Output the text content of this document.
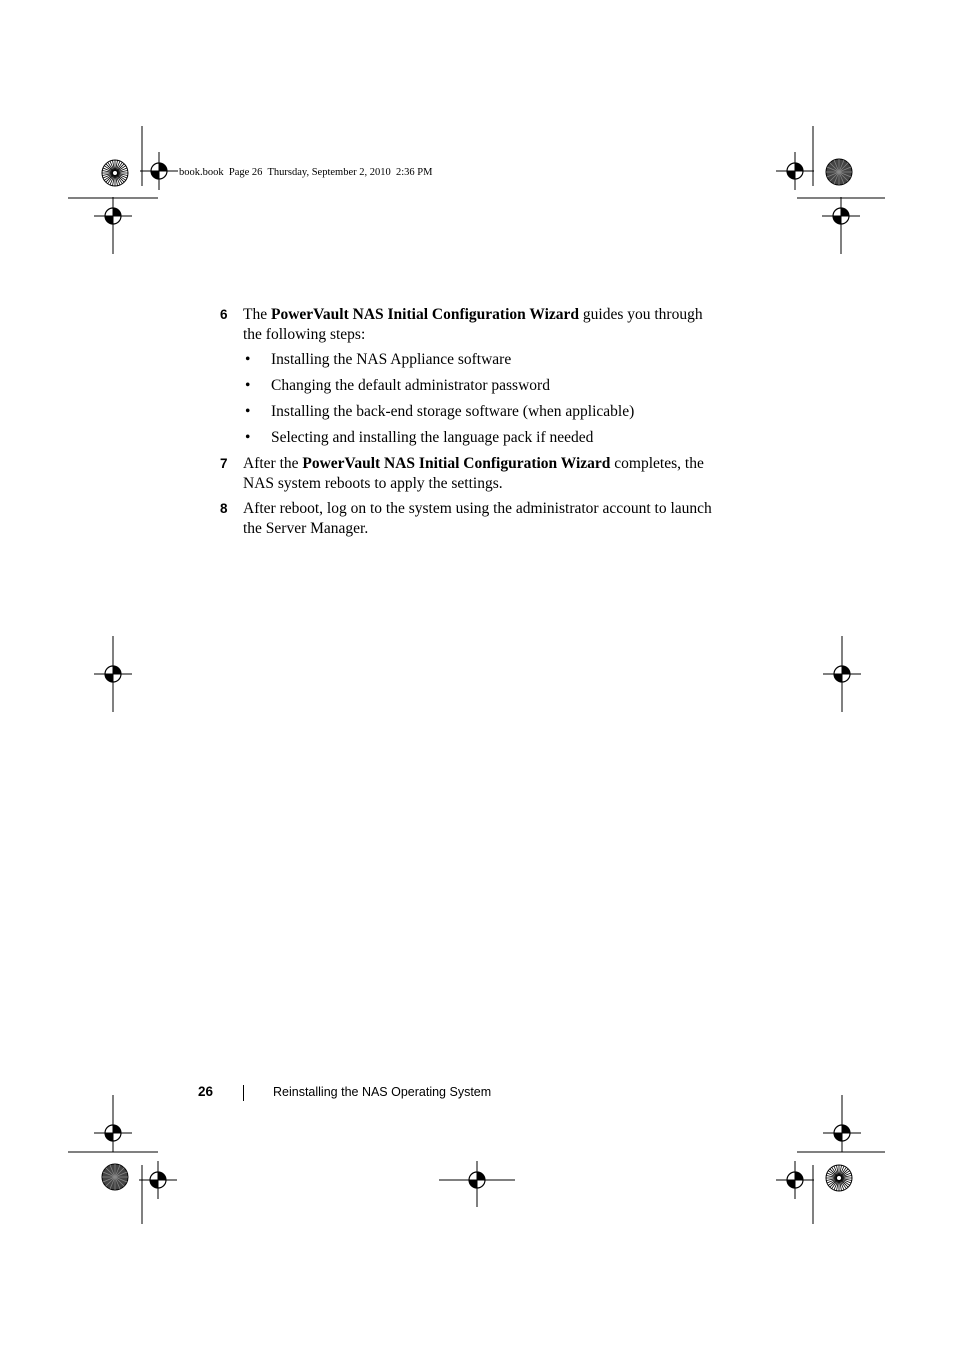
book.book  Page 26  Thursday, September 2, 2010  2:36 PM
6 The PowerVault NAS Initial Configuration Wizard guides you through the following steps:
• Installing the NAS Appliance software
• Changing the default administrator password
• Installing the back-end storage software (when applicable)
• Selecting and installing the language pack if needed
7 After the PowerVault NAS Initial Configuration Wizard completes, the NAS system reboots to apply the settings.
8 After reboot, log on to the system using the administrator account to launch the Server Manager.
26	Reinstalling the NAS Operating System
